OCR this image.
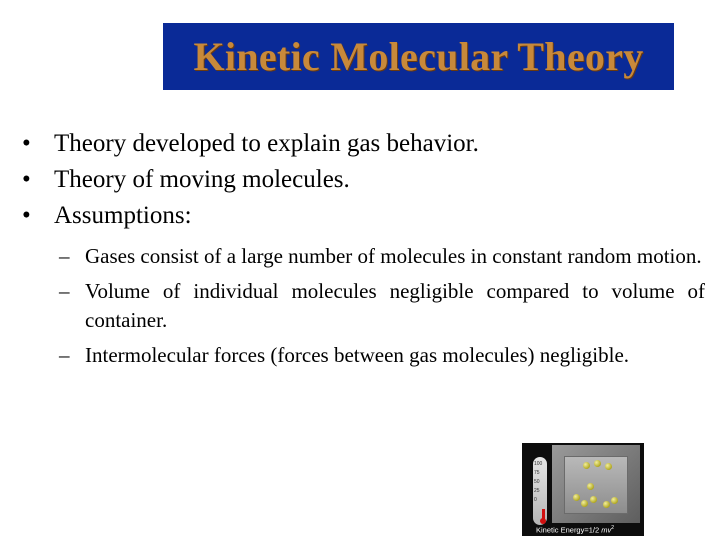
Kinetic Molecular Theory
• Theory developed to explain gas behavior.
• Theory of moving molecules.
• Assumptions:
– Gases consist of a large number of molecules in constant random motion.
– Volume of individual molecules negligible compared to volume of container.
– Intermolecular forces (forces between gas molecules) negligible.
100
75
50
25
0
Kinetic Energy=1/2 $mv^2$
